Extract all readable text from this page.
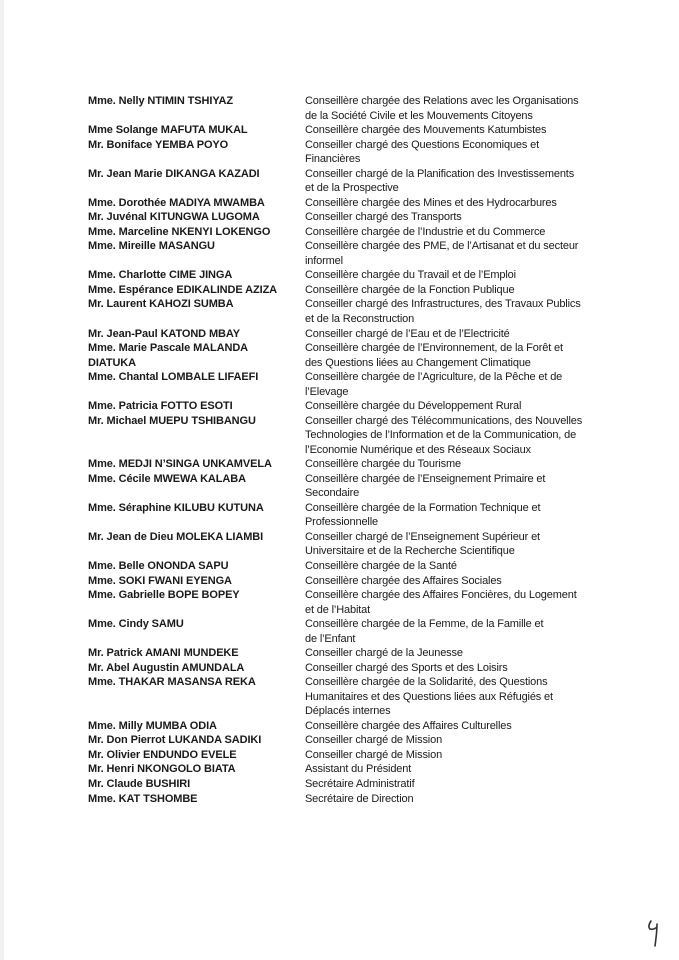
Mme. Nelly NTIMIN TSHIYAZ	Conseillère chargée des Relations avec les Organisations
de la Société Civile et les Mouvements Citoyens
Mme Solange MAFUTA MUKAL	Conseillère chargée des Mouvements Katumbistes
Mr. Boniface YEMBA POYO	Conseiller chargé des Questions Economiques et
Financières
Mr. Jean Marie DIKANGA KAZADI	Conseiller chargé de la Planification des Investissements
et de la Prospective
Mme. Dorothée MADIYA MWAMBA	Conseillère chargée des Mines et des Hydrocarbures
Mr. Juvénal KITUNGWA LUGOMA	Conseiller chargé des Transports
Mme. Marceline NKENYI LOKENGO	Conseillère chargée de l’Industrie et du Commerce
Mme. Mireille MASANGU	Conseillère chargée des PME, de l’Artisanat et du secteur
informel
Mme. Charlotte CIME JINGA	Conseillère chargée du Travail et de l’Emploi
Mme. Espérance EDIKALINDE AZIZA	Conseillère chargée de la Fonction Publique
Mr. Laurent KAHOZI SUMBA	Conseiller chargé des Infrastructures, des Travaux Publics
et de la Reconstruction
Mr. Jean-Paul KATOND MBAY	Conseiller chargé de l’Eau et de l’Electricité
Mme. Marie Pascale MALANDA	Conseillère chargée de l’Environnement, de la Forêt et
DIATUKA	des Questions liées au Changement Climatique
Mme. Chantal LOMBALE LIFAEFI	Conseillère chargée de l’Agriculture, de la Pêche et de
l’Elevage
Mme. Patricia FOTTO ESOTI	Conseillère chargée du Développement Rural
Mr. Michael MUEPU TSHIBANGU	Conseiller chargé des Télécommunications, des Nouvelles
Technologies de l’Information et de la Communication, de
l’Economie Numérique et des Réseaux Sociaux
Mme. MEDJI N’SINGA UNKAMVELA	Conseillère chargée du Tourisme
Mme. Cécile MWEWA KALABA	Conseillère chargée de l’Enseignement Primaire et
Secondaire
Mme. Séraphine KILUBU KUTUNA	Conseillère chargée de la Formation Technique et
Professionnelle
Mr. Jean de Dieu MOLEKA LIAMBI	Conseiller chargé de l’Enseignement Supérieur et
Universitaire et de la Recherche Scientifique
Mme. Belle ONONDA SAPU	Conseillère chargée de la Santé
Mme. SOKI FWANI EYENGA	Conseillère chargée des Affaires Sociales
Mme. Gabrielle BOPE BOPEY	Conseillère chargée des Affaires Foncières, du Logement
et de l’Habitat
Mme. Cindy SAMU	Conseillère chargée de la Femme, de la Famille et
de l’Enfant
Mr. Patrick AMANI MUNDEKE	Conseiller chargé de la Jeunesse
Mr. Abel Augustin AMUNDALA	Conseiller chargé des Sports et des Loisirs
Mme. THAKAR MASANSA REKA	Conseillère chargée de la Solidarité, des Questions
Humanitaires et des Questions liées aux Réfugiés et
Déplacés internes
Mme. Milly MUMBA ODIA	Conseillère chargée des Affaires Culturelles
Mr. Don Pierrot LUKANDA SADIKI	Conseiller chargé de Mission
Mr. Olivier ENDUNDO EVELE	Conseiller chargé de Mission
Mr. Henri NKONGOLO BIATA	Assistant du Président
Mr. Claude BUSHIRI	Secrétaire Administratif
Mme. KAT TSHOMBE	Secrétaire de Direction
